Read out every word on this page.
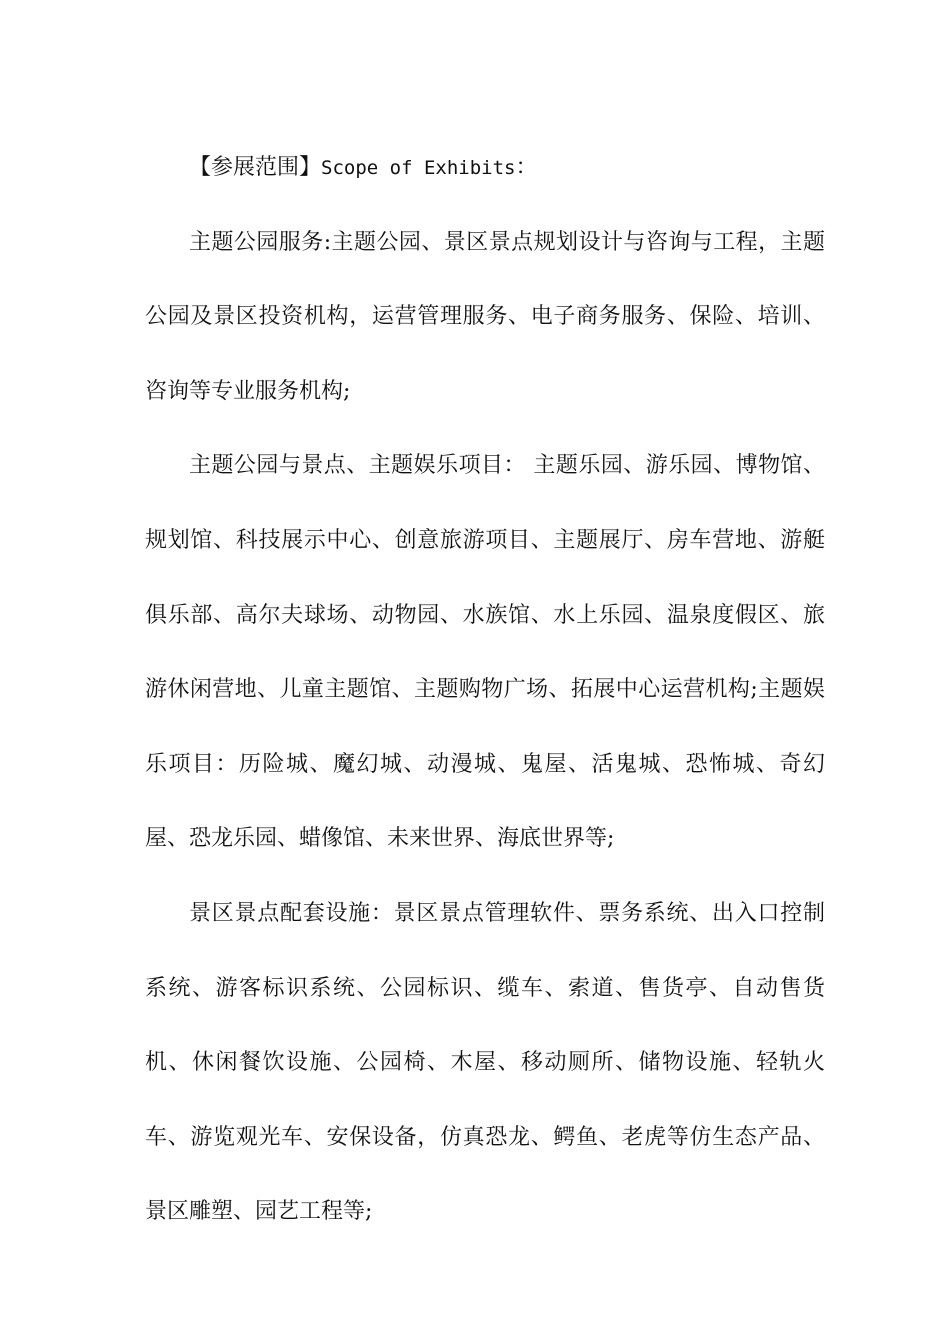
【参展范围】Scope of Exhibits：

主题公园服务:主题公园、景区景点规划设计与咨询与工程，主题公园及景区投资机构，运营管理服务、电子商务服务、保险、培训、咨询等专业服务机构;

主题公园与景点、主题娱乐项目： 主题乐园、游乐园、博物馆、规划馆、科技展示中心、创意旅游项目、主题展厅、房车营地、游艇俱乐部、高尔夫球场、动物园、水族馆、水上乐园、温泉度假区、旅游休闲营地、儿童主题馆、主题购物广场、拓展中心运营机构;主题娱乐项目：历险城、魔幻城、动漫城、鬼屋、活鬼城、恐怖城、奇幻屋、恐龙乐园、蜡像馆、未来世界、海底世界等;

景区景点配套设施：景区景点管理软件、票务系统、出入口控制系统、游客标识系统、公园标识、缆车、索道、售货亭、自动售货机、休闲餐饮设施、公园椅、木屋、移动厕所、储物设施、轻轨火车、游览观光车、安保设备，仿真恐龙、鳄鱼、老虎等仿生态产品、景区雕塑、园艺工程等;
